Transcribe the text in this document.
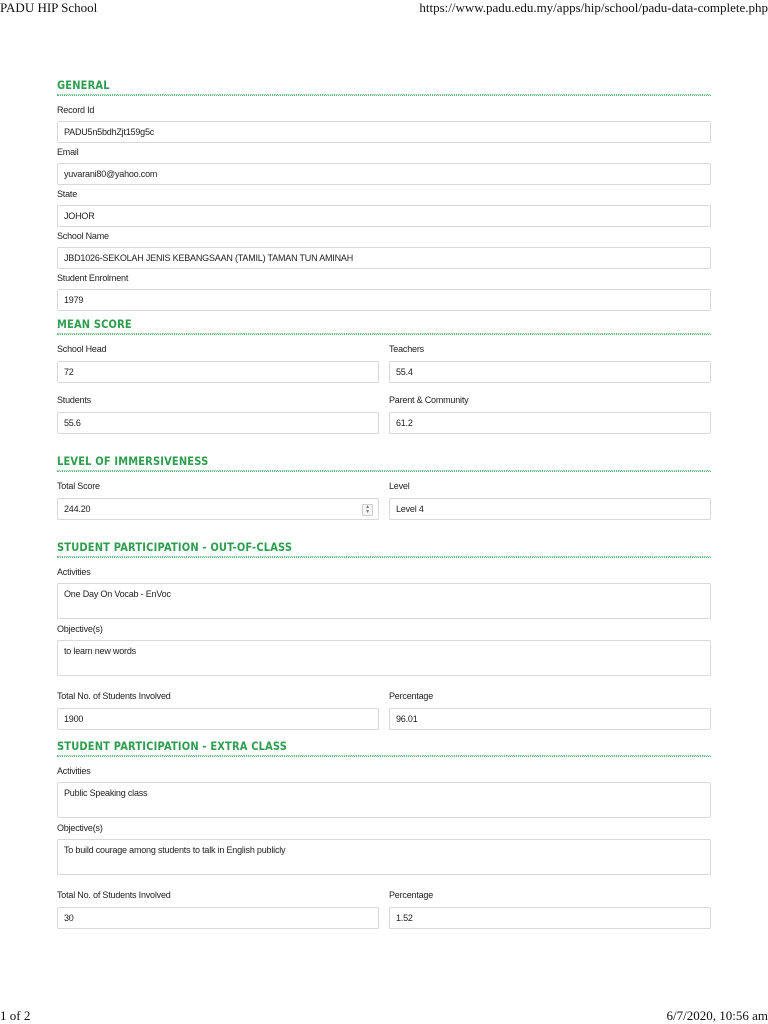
PADU HIP School	https://www.padu.edu.my/apps/hip/school/padu-data-complete.php
GENERAL
Record Id
PADU5n5bdhZjt159g5c
Email
yuvarani80@yahoo.com
State
JOHOR
School Name
JBD1026-SEKOLAH JENIS KEBANGSAAN (TAMIL) TAMAN TUN AMINAH
Student Enrolment
1979
MEAN SCORE
School Head
72
Teachers
55.4
Students
55.6
Parent & Community
61.2
LEVEL OF IMMERSIVENESS
Total Score
244.20	▲
▼
Level
Level 4
STUDENT PARTICIPATION - OUT-OF-CLASS
Activities
One Day On Vocab - EnVoc
Objective(s)
to learn new words
Total No. of Students Involved
1900
Percentage
96.01
STUDENT PARTICIPATION - EXTRA CLASS
Activities
Public Speaking class
Objective(s)
To build courage among students to talk in English publicly
Total No. of Students Involved
30
Percentage
1.52
1 of 2	6/7/2020, 10:56 am
